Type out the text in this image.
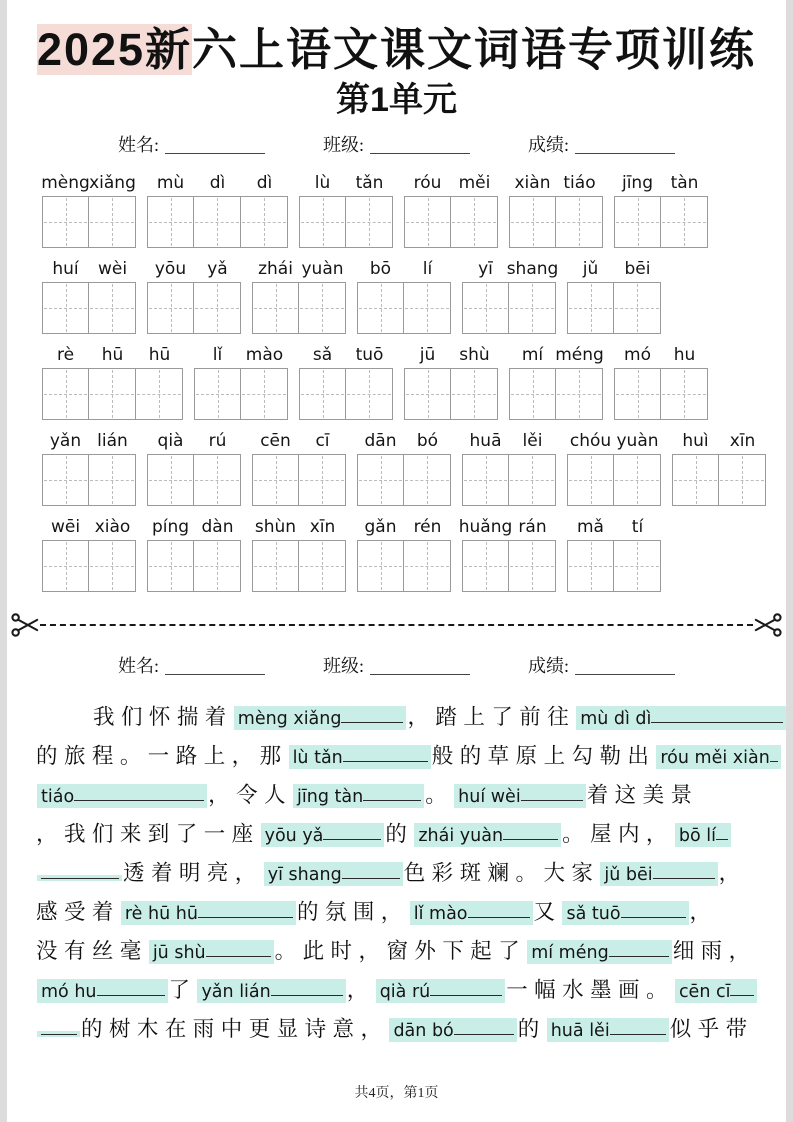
2025新六上语文课文词语专项训练
第1单元
姓名:	班级:	成绩:
mèng xiǎng mù dì dì	lù tǎn róu měi xiàn tiáo jīng tàn
huí wèi yōu yǎ zhái yuàn bō lí	yī shang jǔ bēi
rè hū hū lǐ mào sǎ tuō jū shù mí méng mó hu
yǎn lián qià rú cēn cī dān bó huā lěi chóu yuàn huì xīn
wēi xiào píng dàn shùn xīn gǎn rén huǎng rán mǎ tí
姓名:	班级:	成绩:
我们怀揣着 mèng xiǎng	，踏上了前往 mù dì dì
的旅程。一路上，那 lù tǎn	般的草原上勾勒出 róu měi xiàn
tiáo	，令人 jīng tàn	。 huí wèi	着这美景
，我们来到了一座 yōu yǎ	的 zhái yuàn	。屋内， bō lí
透着明亮， yī shang	色彩斑斓。大家 jǔ bēi	，
感受着 rè hū hū	的氛围， lǐ mào	又 sǎ tuō	，
没有丝毫 jū shù	。此时，窗外下起了 mí méng	细雨，
mó hu	了 yǎn lián	， qià rú	一幅水墨画。 cēn cī
的树木在雨中更显诗意， dān bó	的 huā lěi	似乎带
共4页，第1页
